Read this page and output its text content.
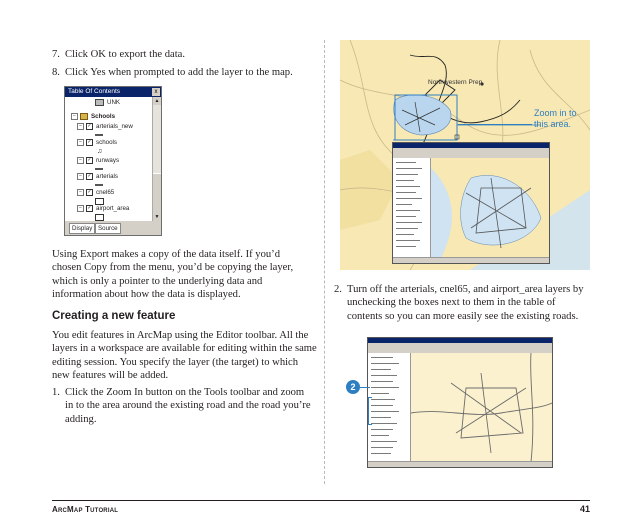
7. Click OK to export the data.
8. Click Yes when prompted to add the layer to the map.
Table Of Contents	x
UNK
− Schools
− ✓ arterials_new
− ✓ schools
♫
− ✓ runways
− ✓ arterials
− ✓ cnel65
− ✓ airport_area
▲
▼
Display Source
Using Export makes a copy of the data itself. If you’d chosen Copy from the menu, you’d be copying the layer, which is only a pointer to the underlying data and information about how the data is displayed.
Creating a new feature
You edit features in ArcMap using the Editor toolbar. All the layers in a workspace are available for editing within the same editing session. You specify the layer (the target) to which new features will be added.
1. Click the Zoom In button on the Tools toolbar and zoom in to the area around the existing road and the road you’re adding.
Northwestern Prep
Zoom in to this area.
2. Turn off the arterials, cnel65, and airport_area layers by unchecking the boxes next to them in the table of contents so you can more easily see the existing roads.
2
ArcMap Tutorial	41
